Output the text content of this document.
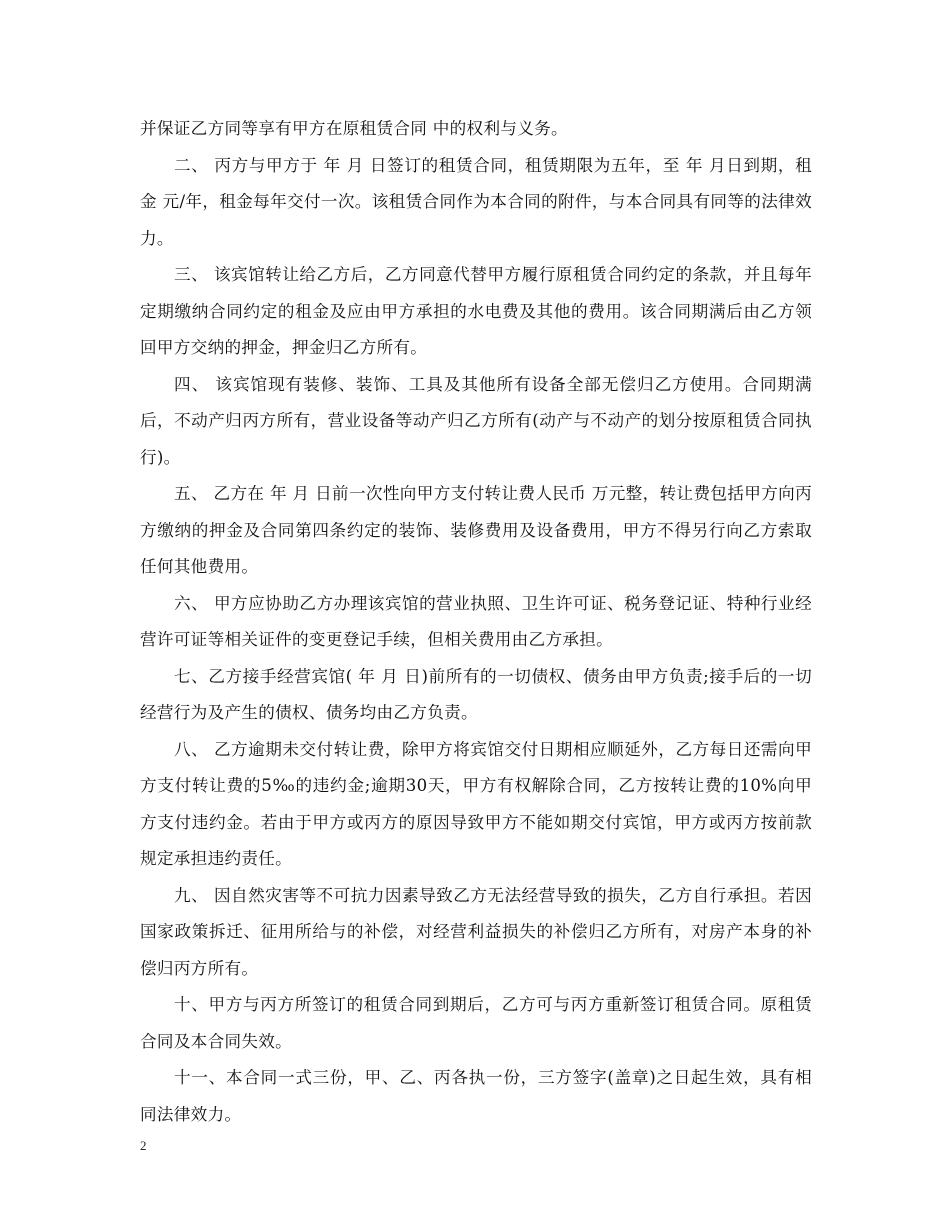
并保证乙方同等享有甲方在原租赁合同 中的权利与义务。

二、 丙方与甲方于 年 月 日签订的租赁合同，租赁期限为五年，至 年 月日到期，租金 元/年，租金每年交付一次。该租赁合同作为本合同的附件，与本合同具有同等的法律效力。

三、 该宾馆转让给乙方后，乙方同意代替甲方履行原租赁合同约定的条款，并且每年定期缴纳合同约定的租金及应由甲方承担的水电费及其他的费用。该合同期满后由乙方领回甲方交纳的押金，押金归乙方所有。

四、 该宾馆现有装修、装饰、工具及其他所有设备全部无偿归乙方使用。合同期满后，不动产归丙方所有，营业设备等动产归乙方所有(动产与不动产的划分按原租赁合同执行)。

五、 乙方在 年 月 日前一次性向甲方支付转让费人民币 万元整，转让费包括甲方向丙方缴纳的押金及合同第四条约定的装饰、装修费用及设备费用，甲方不得另行向乙方索取任何其他费用。

六、 甲方应协助乙方办理该宾馆的营业执照、卫生许可证、税务登记证、特种行业经营许可证等相关证件的变更登记手续，但相关费用由乙方承担。

七、乙方接手经营宾馆( 年 月 日)前所有的一切债权、债务由甲方负责;接手后的一切经营行为及产生的债权、债务均由乙方负责。

八、 乙方逾期未交付转让费，除甲方将宾馆交付日期相应顺延外，乙方每日还需向甲方支付转让费的5‰的违约金;逾期30天，甲方有权解除合同，乙方按转让费的10%向甲方支付违约金。若由于甲方或丙方的原因导致甲方不能如期交付宾馆，甲方或丙方按前款规定承担违约责任。

九、 因自然灾害等不可抗力因素导致乙方无法经营导致的损失，乙方自行承担。若因国家政策拆迁、征用所给与的补偿，对经营利益损失的补偿归乙方所有，对房产本身的补偿归丙方所有。

十、甲方与丙方所签订的租赁合同到期后，乙方可与丙方重新签订租赁合同。原租赁合同及本合同失效。

十一、本合同一式三份，甲、乙、丙各执一份，三方签字(盖章)之日起生效，具有相同法律效力。

2
